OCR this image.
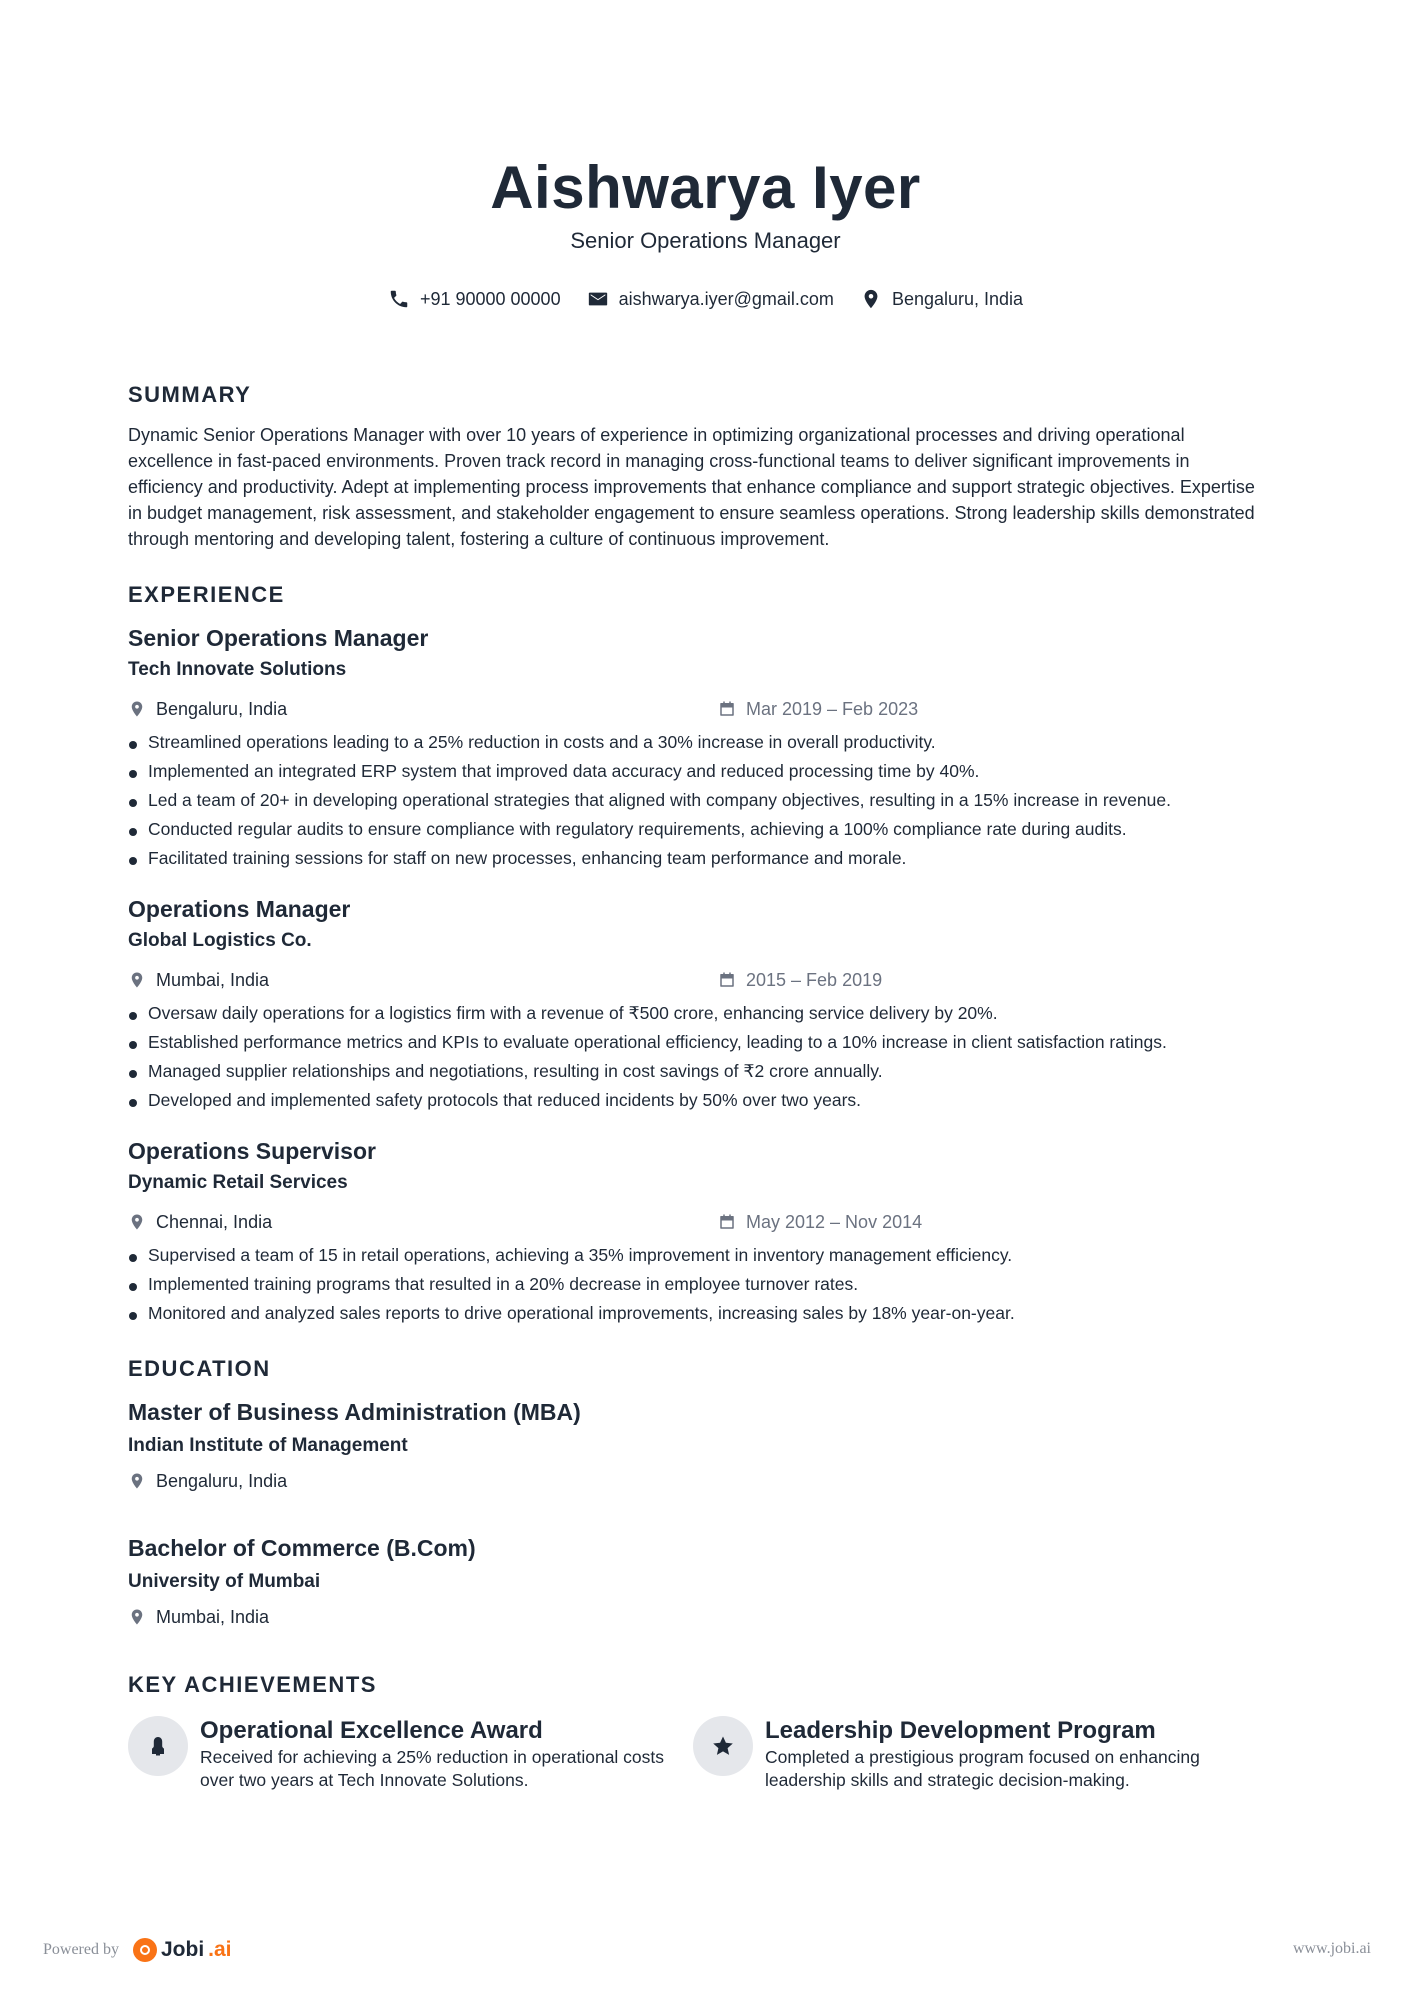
Aishwarya Iyer
Senior Operations Manager
+91 90000 00000	aishwarya.iyer@gmail.com	Bengaluru, India
SUMMARY
Dynamic Senior Operations Manager with over 10 years of experience in optimizing organizational processes and driving operational excellence in fast-paced environments. Proven track record in managing cross-functional teams to deliver significant improvements in efficiency and productivity. Adept at implementing process improvements that enhance compliance and support strategic objectives. Expertise in budget management, risk assessment, and stakeholder engagement to ensure seamless operations. Strong leadership skills demonstrated through mentoring and developing talent, fostering a culture of continuous improvement.
EXPERIENCE
Senior Operations Manager
Tech Innovate Solutions
Bengaluru, India	Mar 2019 – Feb 2023
Streamlined operations leading to a 25% reduction in costs and a 30% increase in overall productivity.
Implemented an integrated ERP system that improved data accuracy and reduced processing time by 40%.
Led a team of 20+ in developing operational strategies that aligned with company objectives, resulting in a 15% increase in revenue.
Conducted regular audits to ensure compliance with regulatory requirements, achieving a 100% compliance rate during audits.
Facilitated training sessions for staff on new processes, enhancing team performance and morale.
Operations Manager
Global Logistics Co.
Mumbai, India	2015 – Feb 2019
Oversaw daily operations for a logistics firm with a revenue of ₹500 crore, enhancing service delivery by 20%.
Established performance metrics and KPIs to evaluate operational efficiency, leading to a 10% increase in client satisfaction ratings.
Managed supplier relationships and negotiations, resulting in cost savings of ₹2 crore annually.
Developed and implemented safety protocols that reduced incidents by 50% over two years.
Operations Supervisor
Dynamic Retail Services
Chennai, India	May 2012 – Nov 2014
Supervised a team of 15 in retail operations, achieving a 35% improvement in inventory management efficiency.
Implemented training programs that resulted in a 20% decrease in employee turnover rates.
Monitored and analyzed sales reports to drive operational improvements, increasing sales by 18% year-on-year.
EDUCATION
Master of Business Administration (MBA)
Indian Institute of Management
Bengaluru, India
Bachelor of Commerce (B.Com)
University of Mumbai
Mumbai, India
KEY ACHIEVEMENTS
Operational Excellence Award
Received for achieving a 25% reduction in operational costs over two years at Tech Innovate Solutions.
Leadership Development Program
Completed a prestigious program focused on enhancing leadership skills and strategic decision-making.
Powered by Jobi .ai	www.jobi.ai
